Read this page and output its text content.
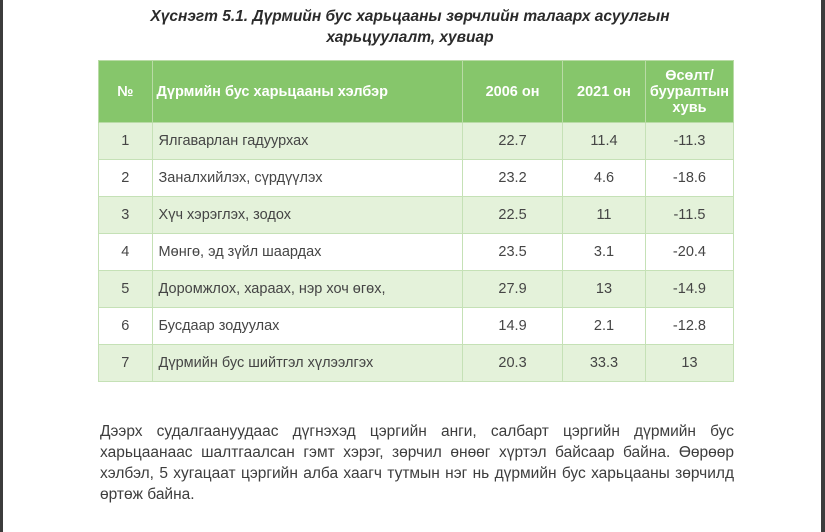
Хүснэгт 5.1. Дүрмийн бус харьцааны зөрчлийн талаарх асуулгын
харьцуулалт, хувиар
№	Дүрмийн бус харьцааны хэлбэр	2006 он	2021 он	Өсөлт/
бууралтын
хувь
1	Ялгаварлан гадуурхах	22.7	11.4	-11.3
2	Заналхийлэх, сүрдүүлэх	23.2	4.6	-18.6
3	Хүч хэрэглэх, зодох	22.5	11	-11.5
4	Мөнгө, эд зүйл шаардах	23.5	3.1	-20.4
5	Доромжлох, хараах, нэр хоч өгөх,	27.9	13	-14.9
6	Бусдаар зодуулах	14.9	2.1	-12.8
7	Дүрмийн бус шийтгэл хүлээлгэх	20.3	33.3	13

Дээрх судалгаануудаас дүгнэхэд цэргийн анги, салбарт цэргийн дүрмийн бус харьцаанаас шалтгаалсан гэмт хэрэг, зөрчил өнөөг хүртэл байсаар байна. Өөрөөр хэлбэл, 5 хугацаат цэргийн алба хаагч тутмын нэг нь дүрмийн бус харьцааны зөрчилд өртөж байна.
